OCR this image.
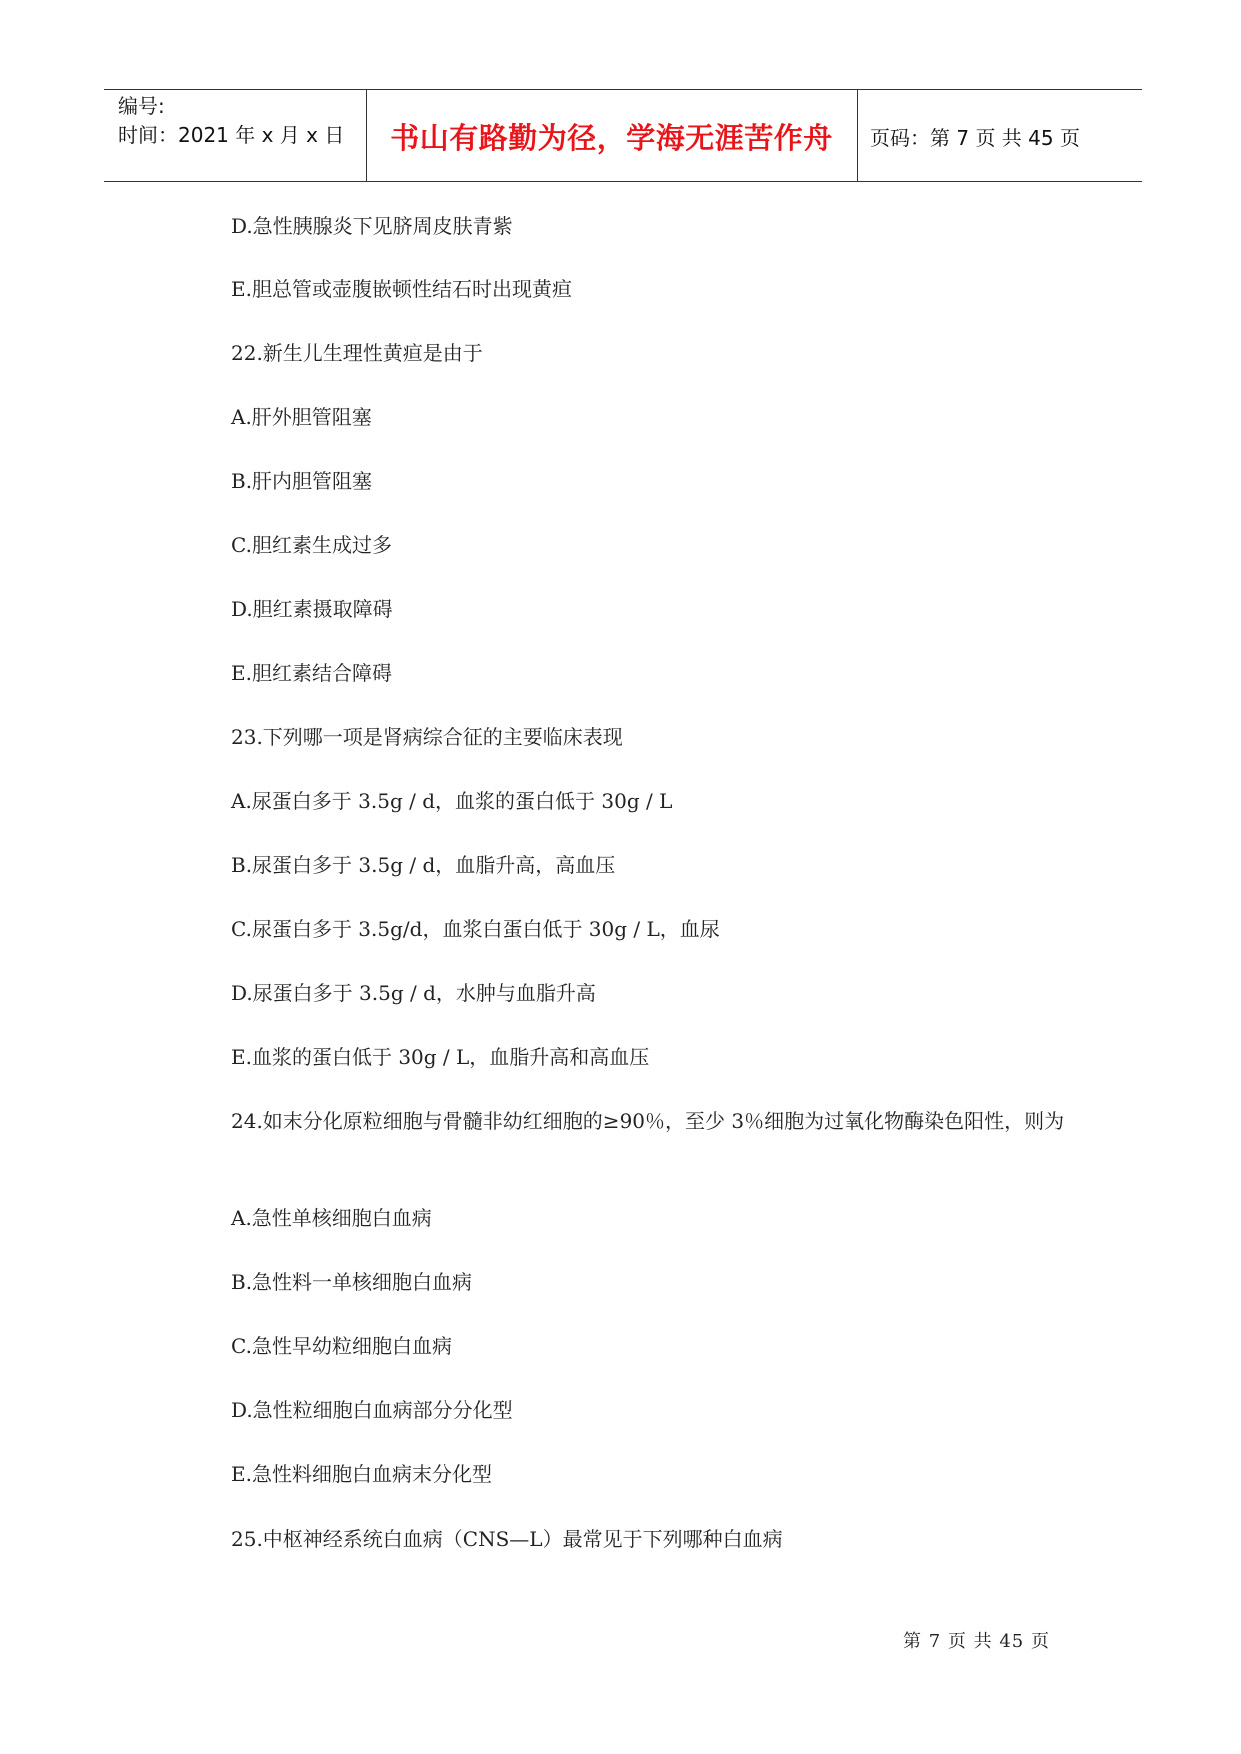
编号:
时间：2021 年 x 月 x 日	书山有路勤为径，学海无涯苦作舟	页码：第 7 页 共 45 页
D.急性胰腺炎下见脐周皮肤青紫
E.胆总管或壶腹嵌顿性结石时出现黄疸
22.新生儿生理性黄疸是由于
A.肝外胆管阻塞
B.肝内胆管阻塞
C.胆红素生成过多
D.胆红素摄取障碍
E.胆红素结合障碍
23.下列哪一项是肾病综合征的主要临床表现
A.尿蛋白多于 3.5g / d，血浆的蛋白低于 30g / L
B.尿蛋白多于 3.5g / d，血脂升高，高血压
C.尿蛋白多于 3.5g/d，血浆白蛋白低于 30g / L，血尿
D.尿蛋白多于 3.5g / d，水肿与血脂升高
E.血浆的蛋白低于 30g / L，血脂升高和高血压
24.如末分化原粒细胞与骨髓非幼红细胞的≥90％，至少 3％细胞为过氧化物酶染色阳性，则为
A.急性单核细胞白血病
B.急性料一单核细胞白血病
C.急性早幼粒细胞白血病
D.急性粒细胞白血病部分分化型
E.急性料细胞白血病末分化型
25.中枢神经系统白血病（CNS—L）最常见于下列哪种白血病
第 7 页 共 45 页
